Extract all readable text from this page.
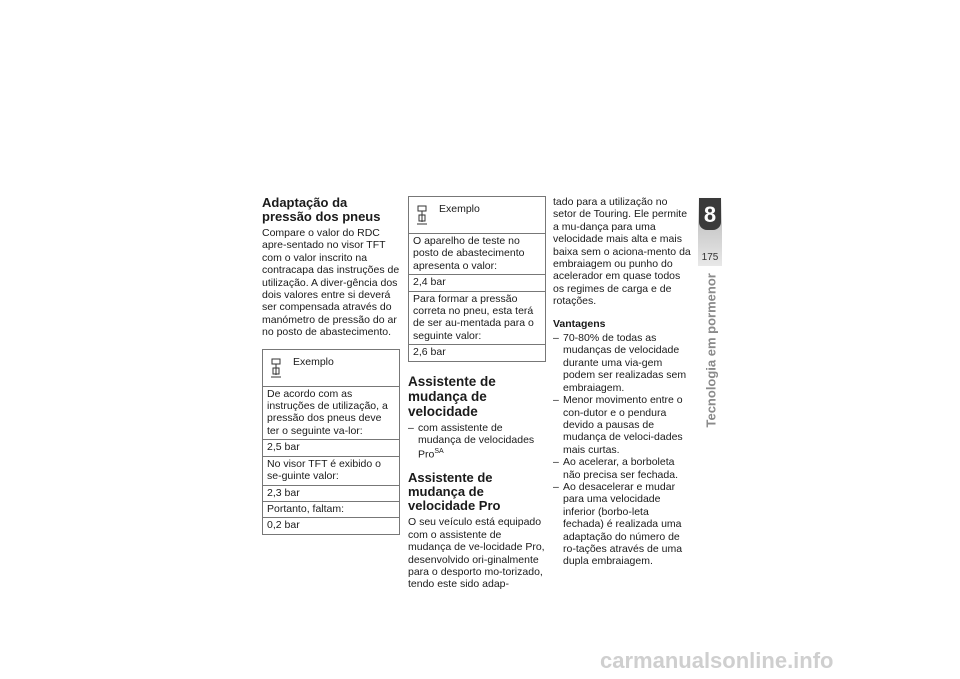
Adaptação da pressão dos pneus

Compare o valor do RDC apre-sentado no visor TFT com o valor inscrito na contracapa das instruções de utilização. A diver-gência dos dois valores entre si deverá ser compensada através do manómetro de pressão do ar no posto de abastecimento.

Exemplo
De acordo com as instruções de utilização, a pressão dos pneus deve ter o seguinte va-lor:
2,5 bar
No visor TFT é exibido o se-guinte valor:
2,3 bar
Portanto, faltam:
0,2 bar
Exemplo
O aparelho de teste no posto de abastecimento apresenta o valor:
2,4 bar
Para formar a pressão correta no pneu, esta terá de ser au-mentada para o seguinte valor:
2,6 bar
Assistente de mudança de velocidade
– com assistente de mudança de velocidades Pro$^{SA}$
Assistente de mudança de velocidade Pro

O seu veículo está equipado com o assistente de mudança de ve-locidade Pro, desenvolvido ori-ginalmente para o desporto mo-torizado, tendo este sido adap-

tado para a utilização no setor de Touring. Ele permite a mu-dança para uma velocidade mais alta e mais baixa sem o aciona-mento da embraiagem ou punho do acelerador em quase todos os regimes de carga e de rotações.

Vantagens
– 70-80% de todas as mudanças de velocidade durante uma via-gem podem ser realizadas sem embraiagem.
– Menor movimento entre o con-dutor e o pendura devido a pausas de mudança de veloci-dades mais curtas.
– Ao acelerar, a borboleta não precisa ser fechada.
– Ao desacelerar e mudar para uma velocidade inferior (borbo-leta fechada) é realizada uma adaptação do número de ro-tações através de uma dupla embraiagem.
8
175
Tecnologia em pormenor
carmanualsonline.info
